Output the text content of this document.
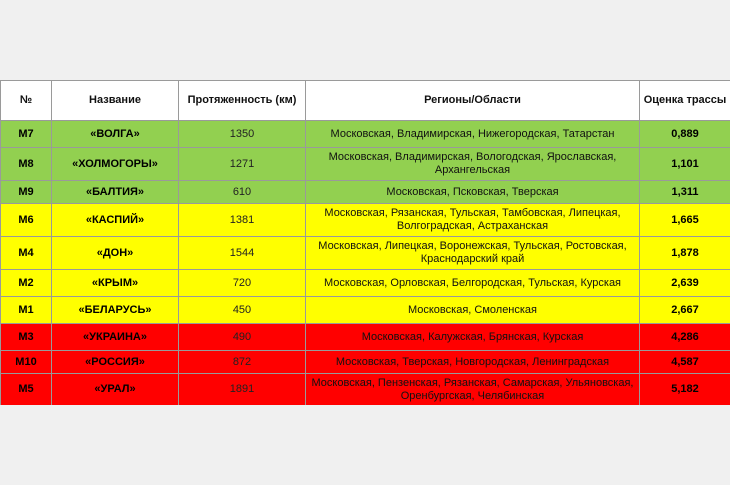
№	Название	Протяженность (км)	Регионы/Области	Оценка трассы
М7	«ВОЛГА»	1350	Московская, Владимирская, Нижегородская, Татарстан	0,889
М8	«ХОЛМОГОРЫ»	1271	Московская, Владимирская, Вологодская, Ярославская, Архангельская	1,101
М9	«БАЛТИЯ»	610	Московская, Псковская, Тверская	1,311
М6	«КАСПИЙ»	1381	Московская, Рязанская, Тульская, Тамбовская, Липецкая, Волгоградская, Астраханская	1,665
М4	«ДОН»	1544	Московская, Липецкая, Воронежская, Тульская, Ростовская, Краснодарский край	1,878
М2	«КРЫМ»	720	Московская, Орловская, Белгородская, Тульская, Курская	2,639
М1	«БЕЛАРУСЬ»	450	Московская, Смоленская	2,667
М3	«УКРАИНА»	490	Московская, Калужская, Брянская, Курская	4,286
М10	«РОССИЯ»	872	Московская, Тверская, Новгородская, Ленинградская	4,587
М5	«УРАЛ»	1891	Московская, Пензенская, Рязанская, Самарская, Ульяновская, Оренбургская, Челябинская	5,182
